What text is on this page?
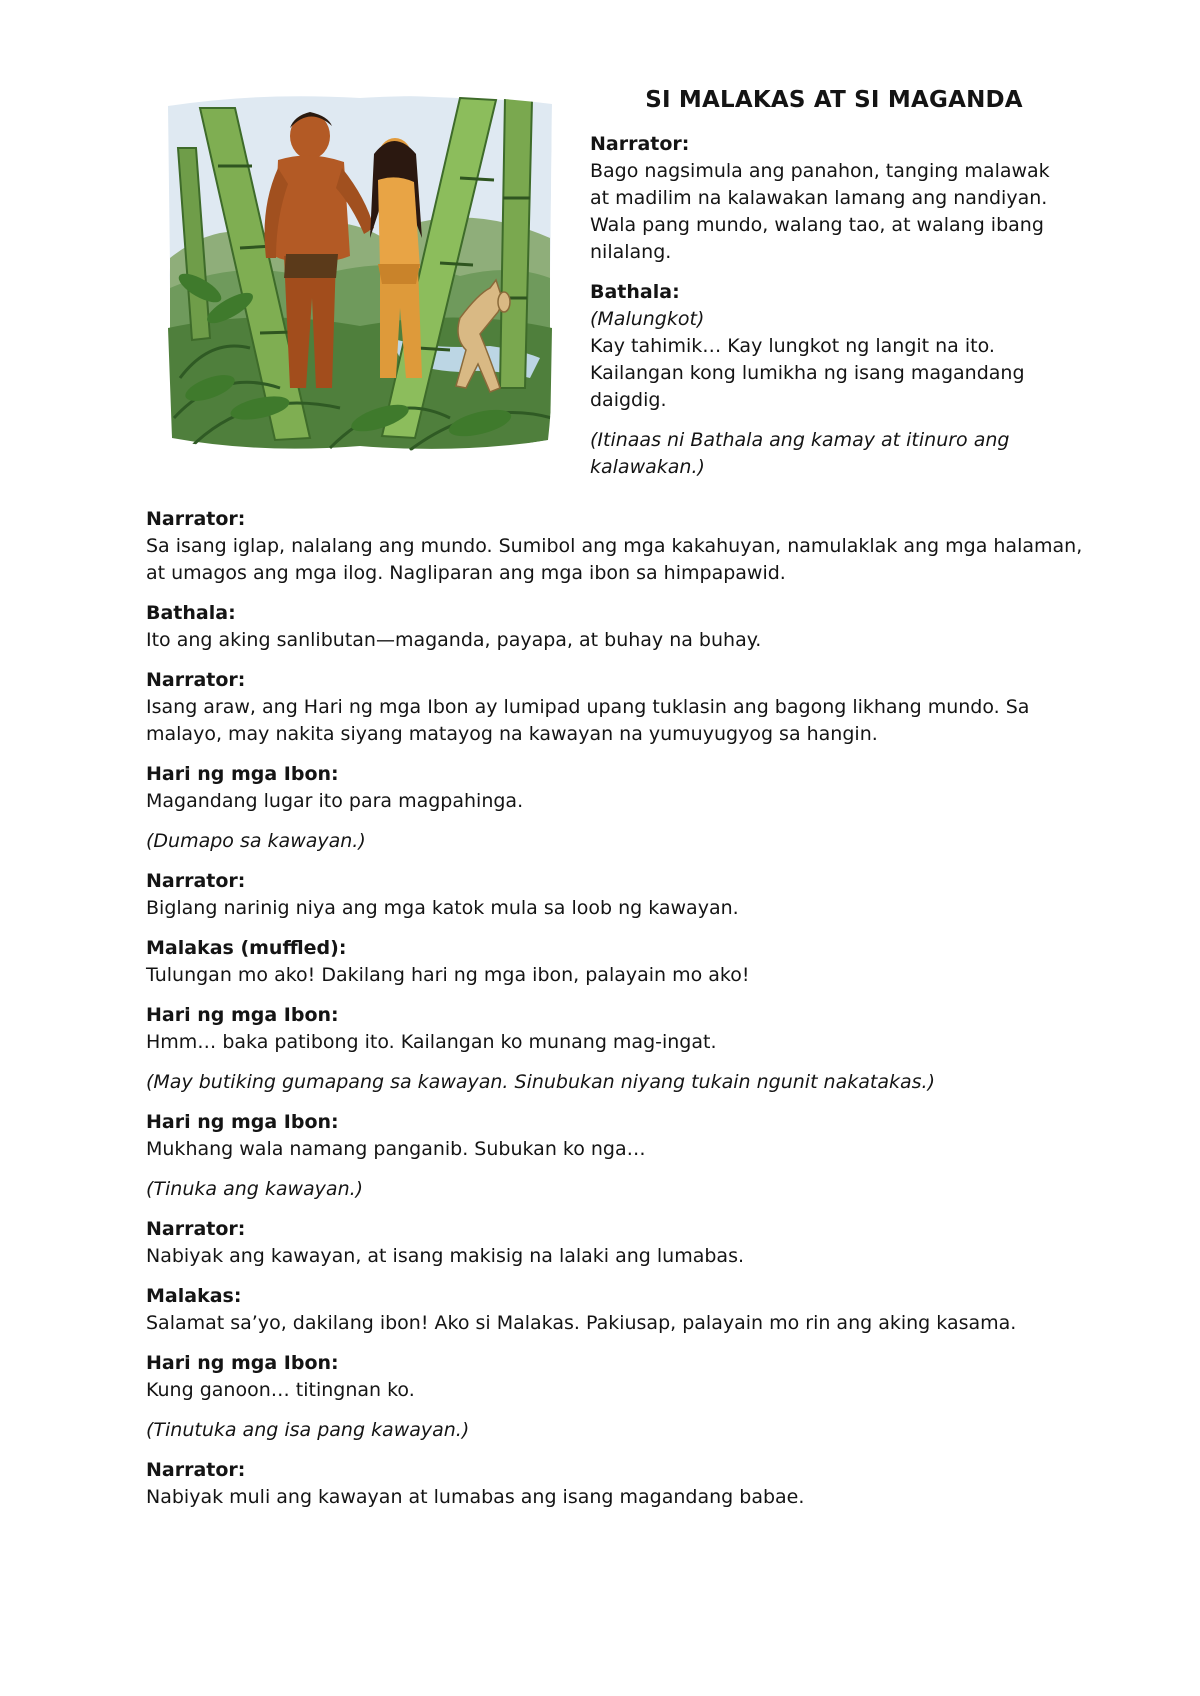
SI MALAKAS AT SI MAGANDA
Narrator:
Bago nagsimula ang panahon, tanging malawak at madilim na kalawakan lamang ang nandiyan. Wala pang mundo, walang tao, at walang ibang nilalang.
Bathala:
(Malungkot)
Kay tahimik… Kay lungkot ng langit na ito.
Kailangan kong lumikha ng isang magandang daigdig.
(Itinaas ni Bathala ang kamay at itinuro ang kalawakan.)
Narrator:
Sa isang iglap, nalalang ang mundo. Sumibol ang mga kakahuyan, namulaklak ang mga halaman, at umagos ang mga ilog. Nagliparan ang mga ibon sa himpapawid.
Bathala:
Ito ang aking sanlibutan—maganda, payapa, at buhay na buhay.
Narrator:
Isang araw, ang Hari ng mga Ibon ay lumipad upang tuklasin ang bagong likhang mundo. Sa malayo, may nakita siyang matayog na kawayan na yumuyugyog sa hangin.
Hari ng mga Ibon:
Magandang lugar ito para magpahinga.
(Dumapo sa kawayan.)
Narrator:
Biglang narinig niya ang mga katok mula sa loob ng kawayan.
Malakas (muffled):
Tulungan mo ako! Dakilang hari ng mga ibon, palayain mo ako!
Hari ng mga Ibon:
Hmm… baka patibong ito. Kailangan ko munang mag-ingat.
(May butiking gumapang sa kawayan. Sinubukan niyang tukain ngunit nakatakas.)
Hari ng mga Ibon:
Mukhang wala namang panganib. Subukan ko nga…
(Tinuka ang kawayan.)
Narrator:
Nabiyak ang kawayan, at isang makisig na lalaki ang lumabas.
Malakas:
Salamat sa’yo, dakilang ibon! Ako si Malakas. Pakiusap, palayain mo rin ang aking kasama.
Hari ng mga Ibon:
Kung ganoon… titingnan ko.
(Tinutuka ang isa pang kawayan.)
Narrator:
Nabiyak muli ang kawayan at lumabas ang isang magandang babae.
